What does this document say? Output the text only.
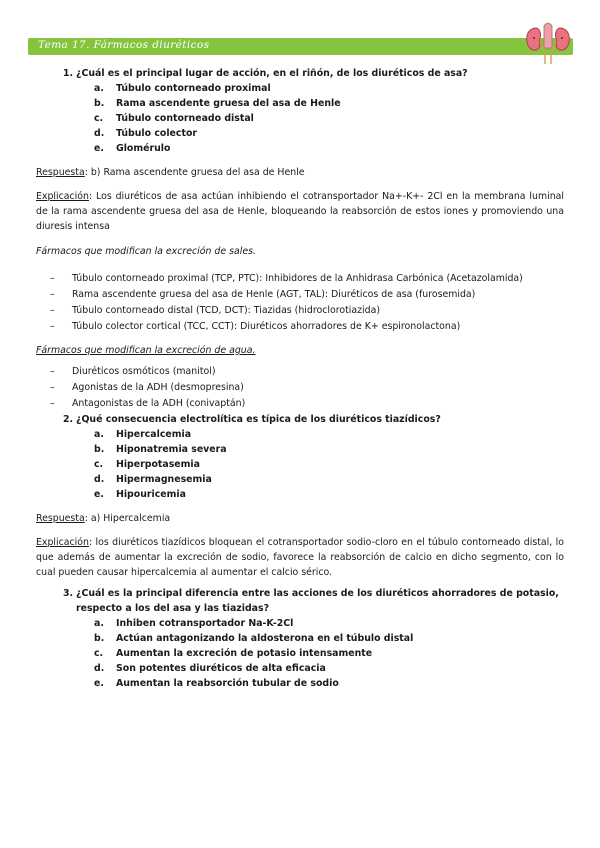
Tema 17. Fármacos diuréticos

1. ¿Cuál es el principal lugar de acción, en el riñón, de los diuréticos de asa?

a. Túbulo contorneado proximal
b. Rama ascendente gruesa del asa de Henle
c. Túbulo contorneado distal
d. Túbulo colector
e. Glomérulo

Respuesta: b) Rama ascendente gruesa del asa de Henle

Explicación: Los diuréticos de asa actúan inhibiendo el cotransportador Na+-K+- 2Cl en la membrana luminal de la rama ascendente gruesa del asa de Henle, bloqueando la reabsorción de estos iones y promoviendo una diuresis intensa

Fármacos que modifican la excreción de sales.

– Túbulo contorneado proximal (TCP, PTC): Inhibidores de la Anhidrasa Carbónica (Acetazolamida)
– Rama ascendente gruesa del asa de Henle (AGT, TAL): Diuréticos de asa (furosemida)
– Túbulo contorneado distal (TCD, DCT): Tiazidas (hidroclorotiazida)
– Túbulo colector cortical (TCC, CCT): Diuréticos ahorradores de K+ espironolactona)

Fármacos que modifican la excreción de agua.

– Diuréticos osmóticos (manitol)
– Agonistas de la ADH (desmopresina)
– Antagonistas de la ADH (conivaptán)

2. ¿Qué consecuencia electrolítica es típica de los diuréticos tiazídicos?

a. Hipercalcemia
b. Hiponatremia severa
c. Hiperpotasemia
d. Hipermagnesemia
e. Hipouricemia

Respuesta: a) Hipercalcemia

Explicación: los diuréticos tiazídicos bloquean el cotransportador sodio-cloro en el túbulo contorneado distal, lo que además de aumentar la excreción de sodio, favorece la reabsorción de calcio en dicho segmento, con lo cual pueden causar hipercalcemia al aumentar el calcio sérico.

3. ¿Cuál es la principal diferencia entre las acciones de los diuréticos ahorradores de potasio, respecto a los del asa y las tiazidas?

a. Inhiben cotransportador Na-K-2Cl
b. Actúan antagonizando la aldosterona en el túbulo distal
c. Aumentan la excreción de potasio intensamente
d. Son potentes diuréticos de alta eficacia
e. Aumentan la reabsorción tubular de sodio
